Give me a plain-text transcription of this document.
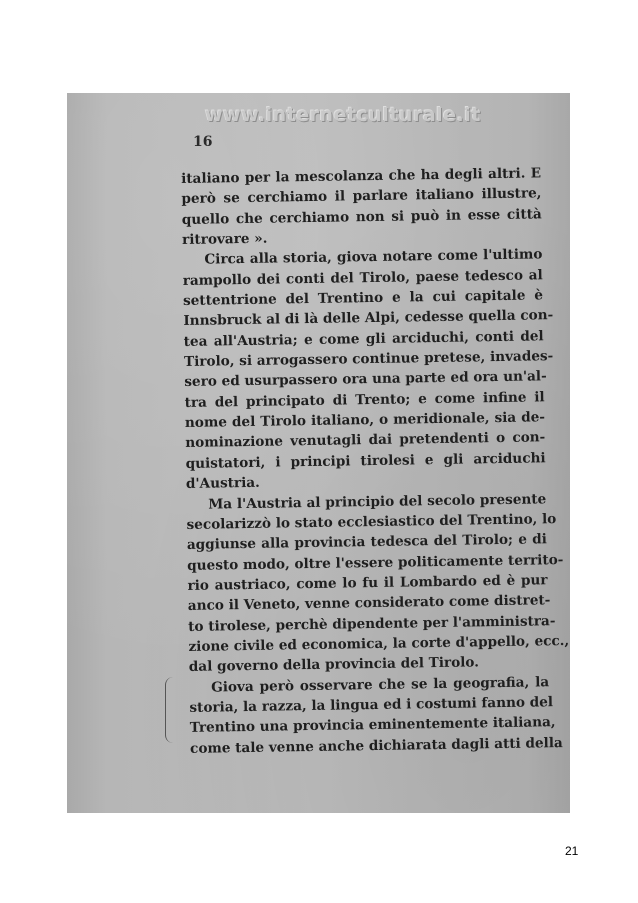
www.internetculturale.it
16
italiano per la mescolanza che ha degli altri. E
però se cerchiamo il parlare italiano illustre,
quello che cerchiamo non si può in esse città
ritrovare ».
Circa alla storia, giova notare come l'ultimo
rampollo dei conti del Tirolo, paese tedesco al
settentrione del Trentino e la cui capitale è
Innsbruck al di là delle Alpi, cedesse quella con-
tea all'Austria; e come gli arciduchi, conti del
Tirolo, si arrogassero continue pretese, invades-
sero ed usurpassero ora una parte ed ora un'al-
tra del principato di Trento; e come infine il
nome del Tirolo italiano, o meridionale, sia de-
nominazione venutagli dai pretendenti o con-
quistatori, i principi tirolesi e gli arciduchi
d'Austria.
Ma l'Austria al principio del secolo presente
secolarizzò lo stato ecclesiastico del Trentino, lo
aggiunse alla provincia tedesca del Tirolo; e di
questo modo, oltre l'essere politicamente territo-
rio austriaco, come lo fu il Lombardo ed è pur
anco il Veneto, venne considerato come distret-
to tirolese, perchè dipendente per l'amministra-
zione civile ed economica, la corte d'appello, ecc.,
dal governo della provincia del Tirolo.
Giova però osservare che se la geografia, la
storia, la razza, la lingua ed i costumi fanno del
Trentino una provincia eminentemente italiana,
come tale venne anche dichiarata dagli atti della
21
